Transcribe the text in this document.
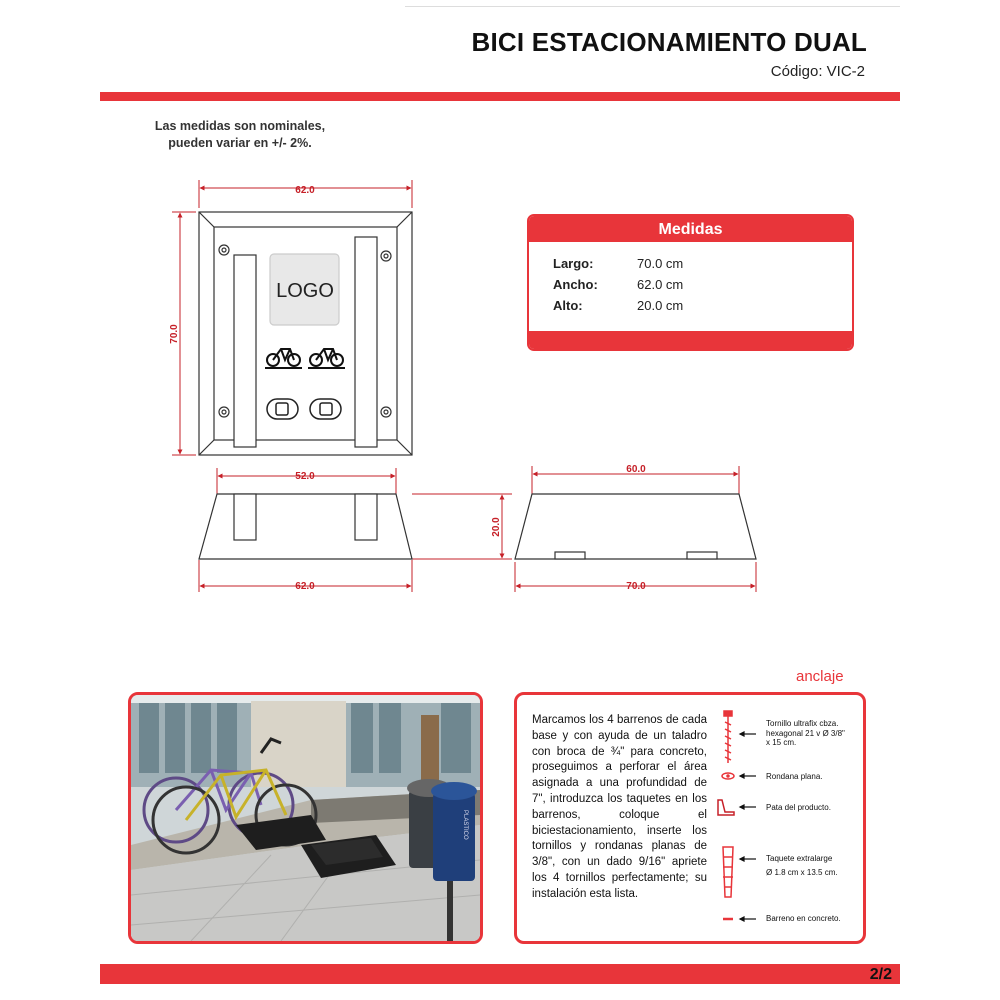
BICI ESTACIONAMIENTO DUAL
Código: VIC-2
Las medidas son nominales,
pueden variar en +/- 2%.
LOGO
62.0
70.0
52.0
62.0
20.0
60.0
70.0
Medidas
Largo:	70.0 cm
Ancho:	62.0 cm
Alto:	20.0 cm
anclaje
PLASTICO
Marcamos los 4 barrenos de cada base y con ayuda de un taladro con broca de ¾" para concreto, proseguimos a perforar el área asignada a una profundidad de 7", introduzca los taquetes en los barrenos, coloque el biciestacionamiento, inserte los tornillos y rondanas planas de 3/8", con un dado 9/16" apriete los 4 tornillos perfectamente; su instalación esta lista.
Tornillo ultrafix cbza.
hexagonal 21 v Ø 3/8"
x 15 cm.
Rondana plana.
Pata del producto.
Taquete extralarge
Ø 1.8 cm x 13.5 cm.
Barreno en concreto.
2/2
